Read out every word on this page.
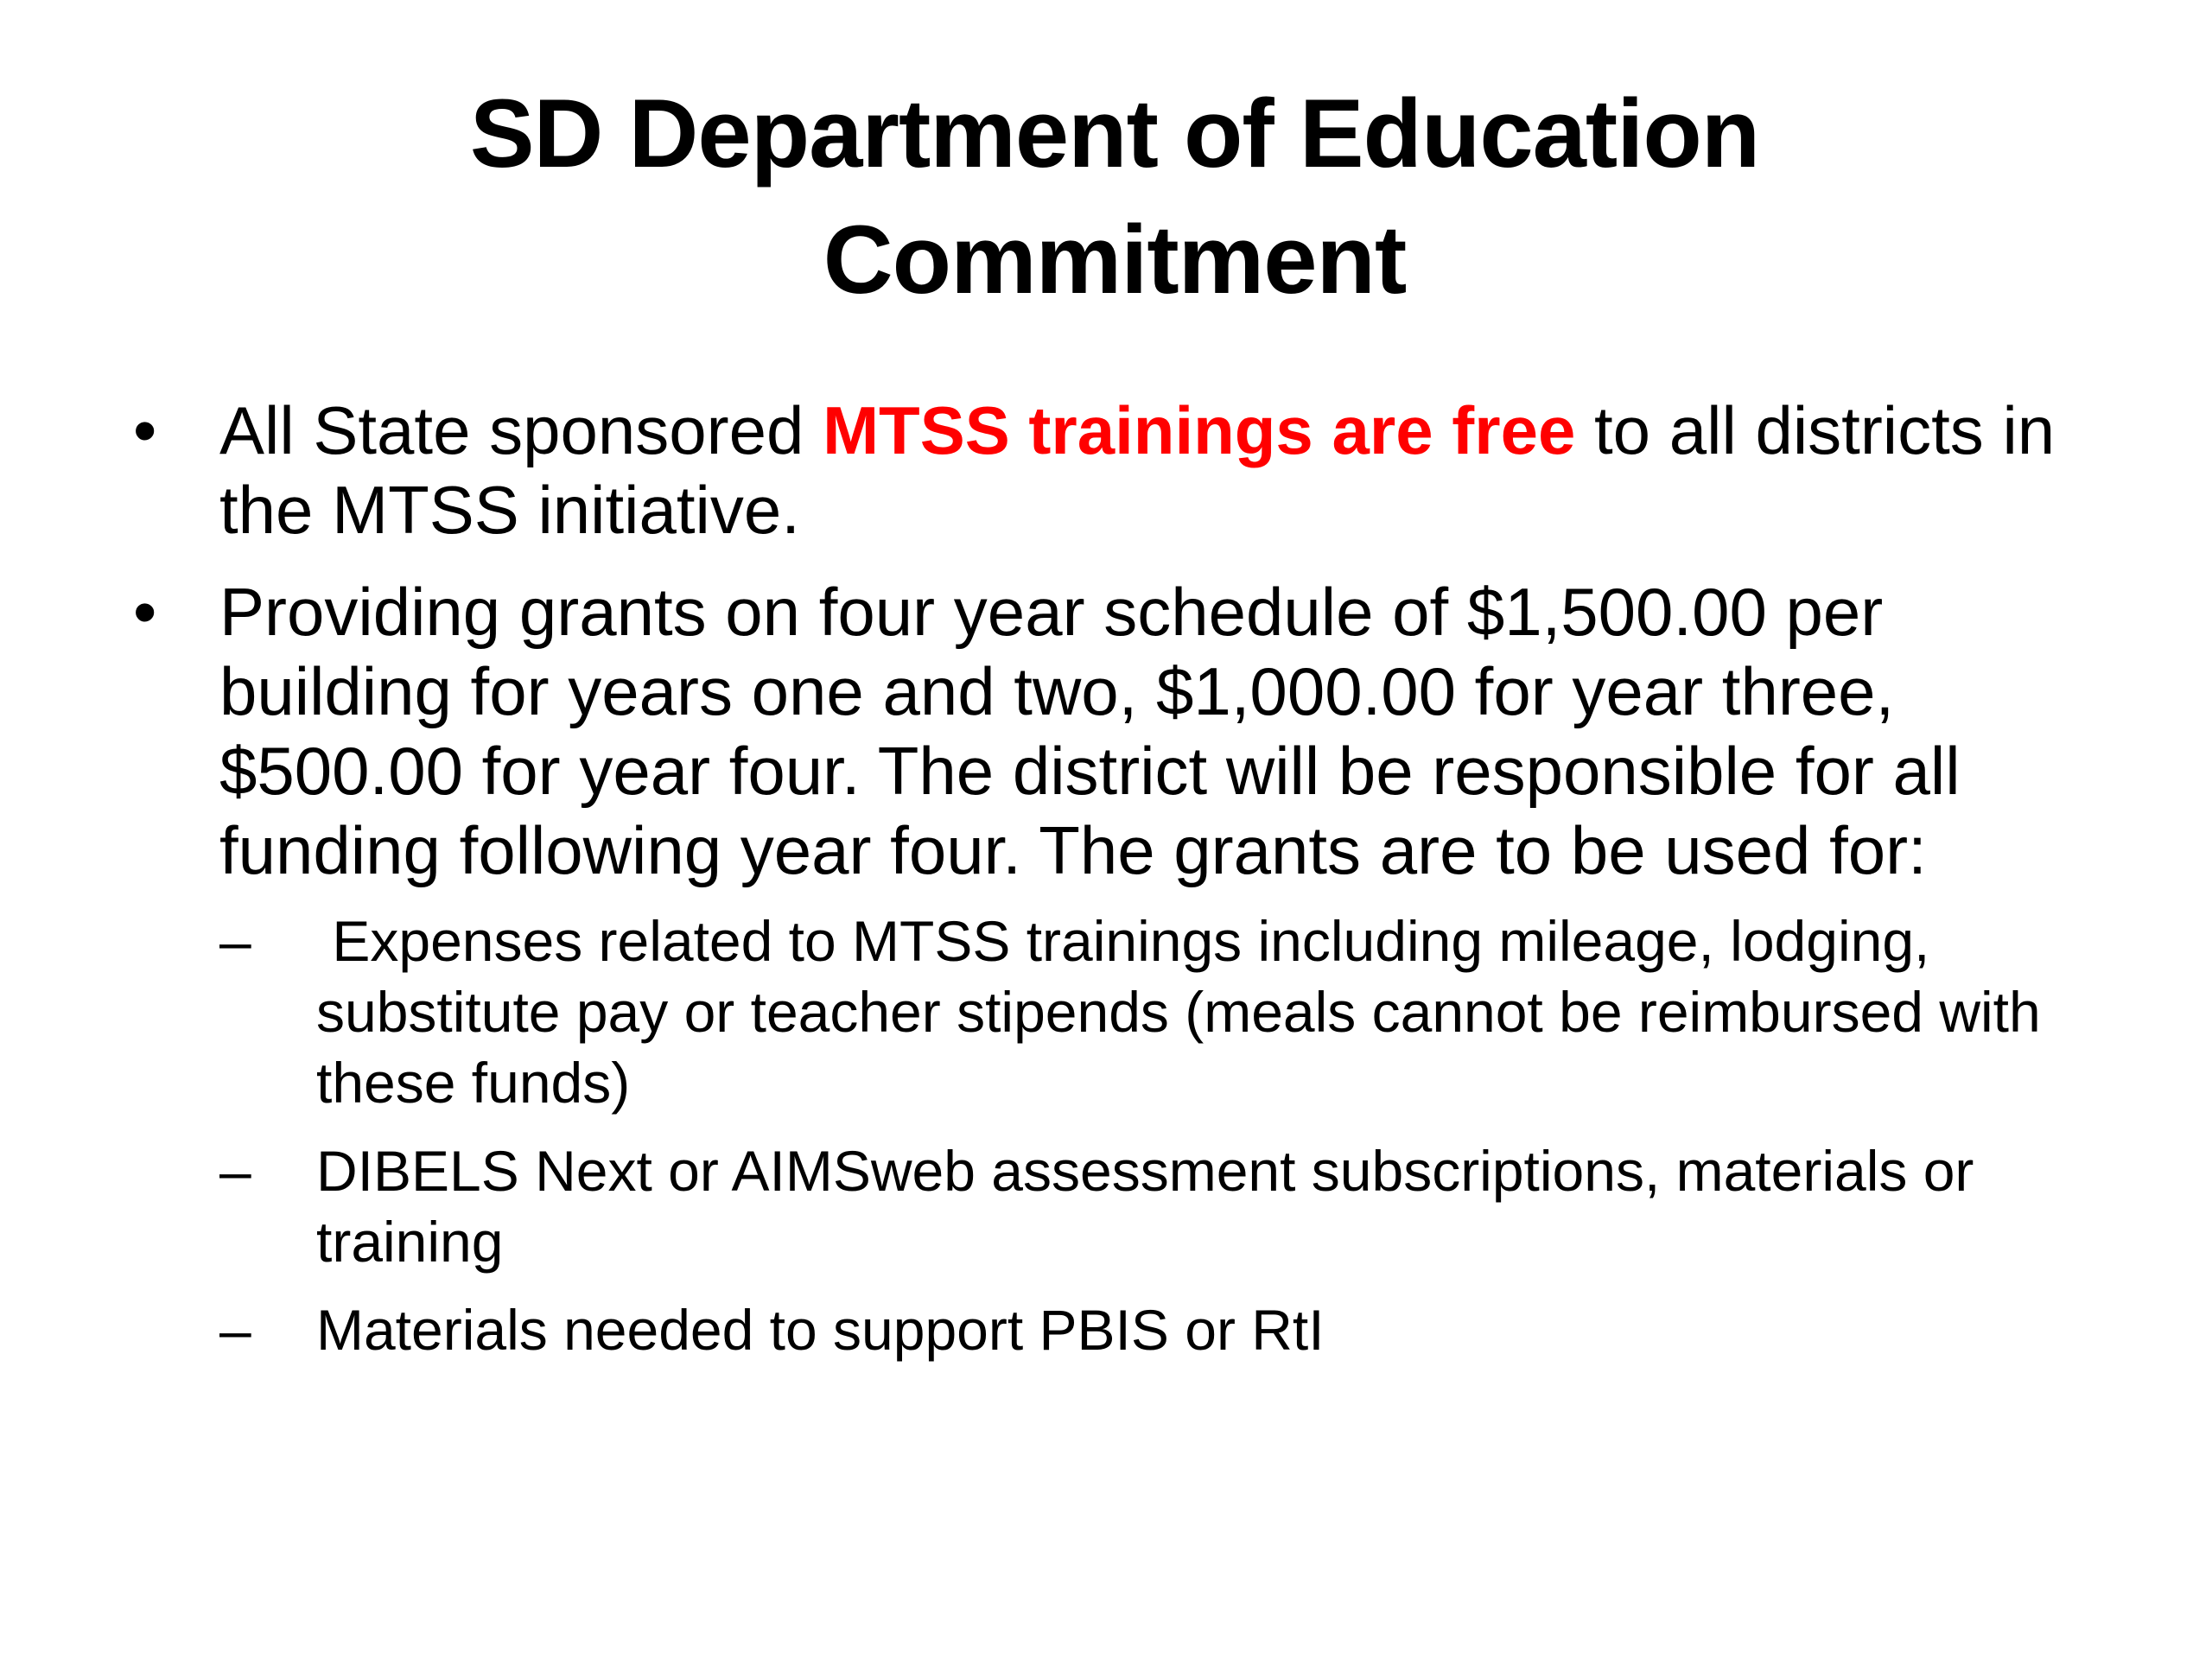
SD Department of Education
Commitment
• All State sponsored MTSS trainings are free to all districts in the MTSS initiative.
• Providing grants on four year schedule of $1,500.00 per building for years one and two, $1,000.00 for year three, $500.00 for year four. The district will be responsible for all funding following year four. The grants are to be used for:
– Expenses related to MTSS trainings including mileage, lodging, substitute pay or teacher stipends (meals cannot be reimbursed with these funds)
– DIBELS Next or AIMSweb assessment subscriptions, materials or training
– Materials needed to support PBIS or RtI
